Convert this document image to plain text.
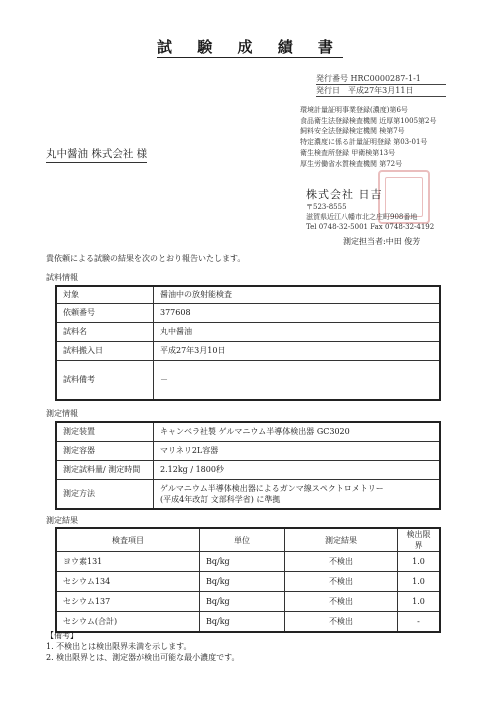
試 験 成 績 書
発行番号 HRC0000287-1-1
発行日　 平成27年3月11日
環境計量証明事業登録(濃度)第6号
食品衛生法登録検査機関 近厚第1005第2号
飼料安全法登録検定機関 検第7号
特定濃度に係る計量証明登録 第03-01号
衛生検査所登録 甲衛検第13号
厚生労働省水質検査機関 第72号
丸中醤油 株式会社 様
株式会社 日吉
〒523-8555
滋賀県近江八幡市北之庄町908番地
Tel 0748-32-5001 Fax 0748-32-4192
測定担当者:中田 俊芳
貴依頼による試験の結果を次のとおり報告いたします。
試料情報
対象	醤油中の放射能検査
依頼番号	377608
試料名	丸中醤油
試料搬入日	平成27年3月10日
試料備考	－
測定情報
測定装置	キャンベラ社製 ゲルマニウム半導体検出器 GC3020
測定容器	マリネリ2L容器
測定試料量/ 測定時間	2.12kg / 1800秒
測定方法	ゲルマニウム半導体検出器によるガンマ線スペクトロメトリー
(平成4年改訂 文部科学省) に準拠
測定結果
検査項目	単位	測定結果	検出限界
ヨウ素131	Bq/kg	不検出	1.0
セシウム134	Bq/kg	不検出	1.0
セシウム137	Bq/kg	不検出	1.0
セシウム(合計)	Bq/kg	不検出	-
【備考】
1. 不検出とは検出限界未満を示します。
2. 検出限界とは、測定器が検出可能な最小濃度です。
